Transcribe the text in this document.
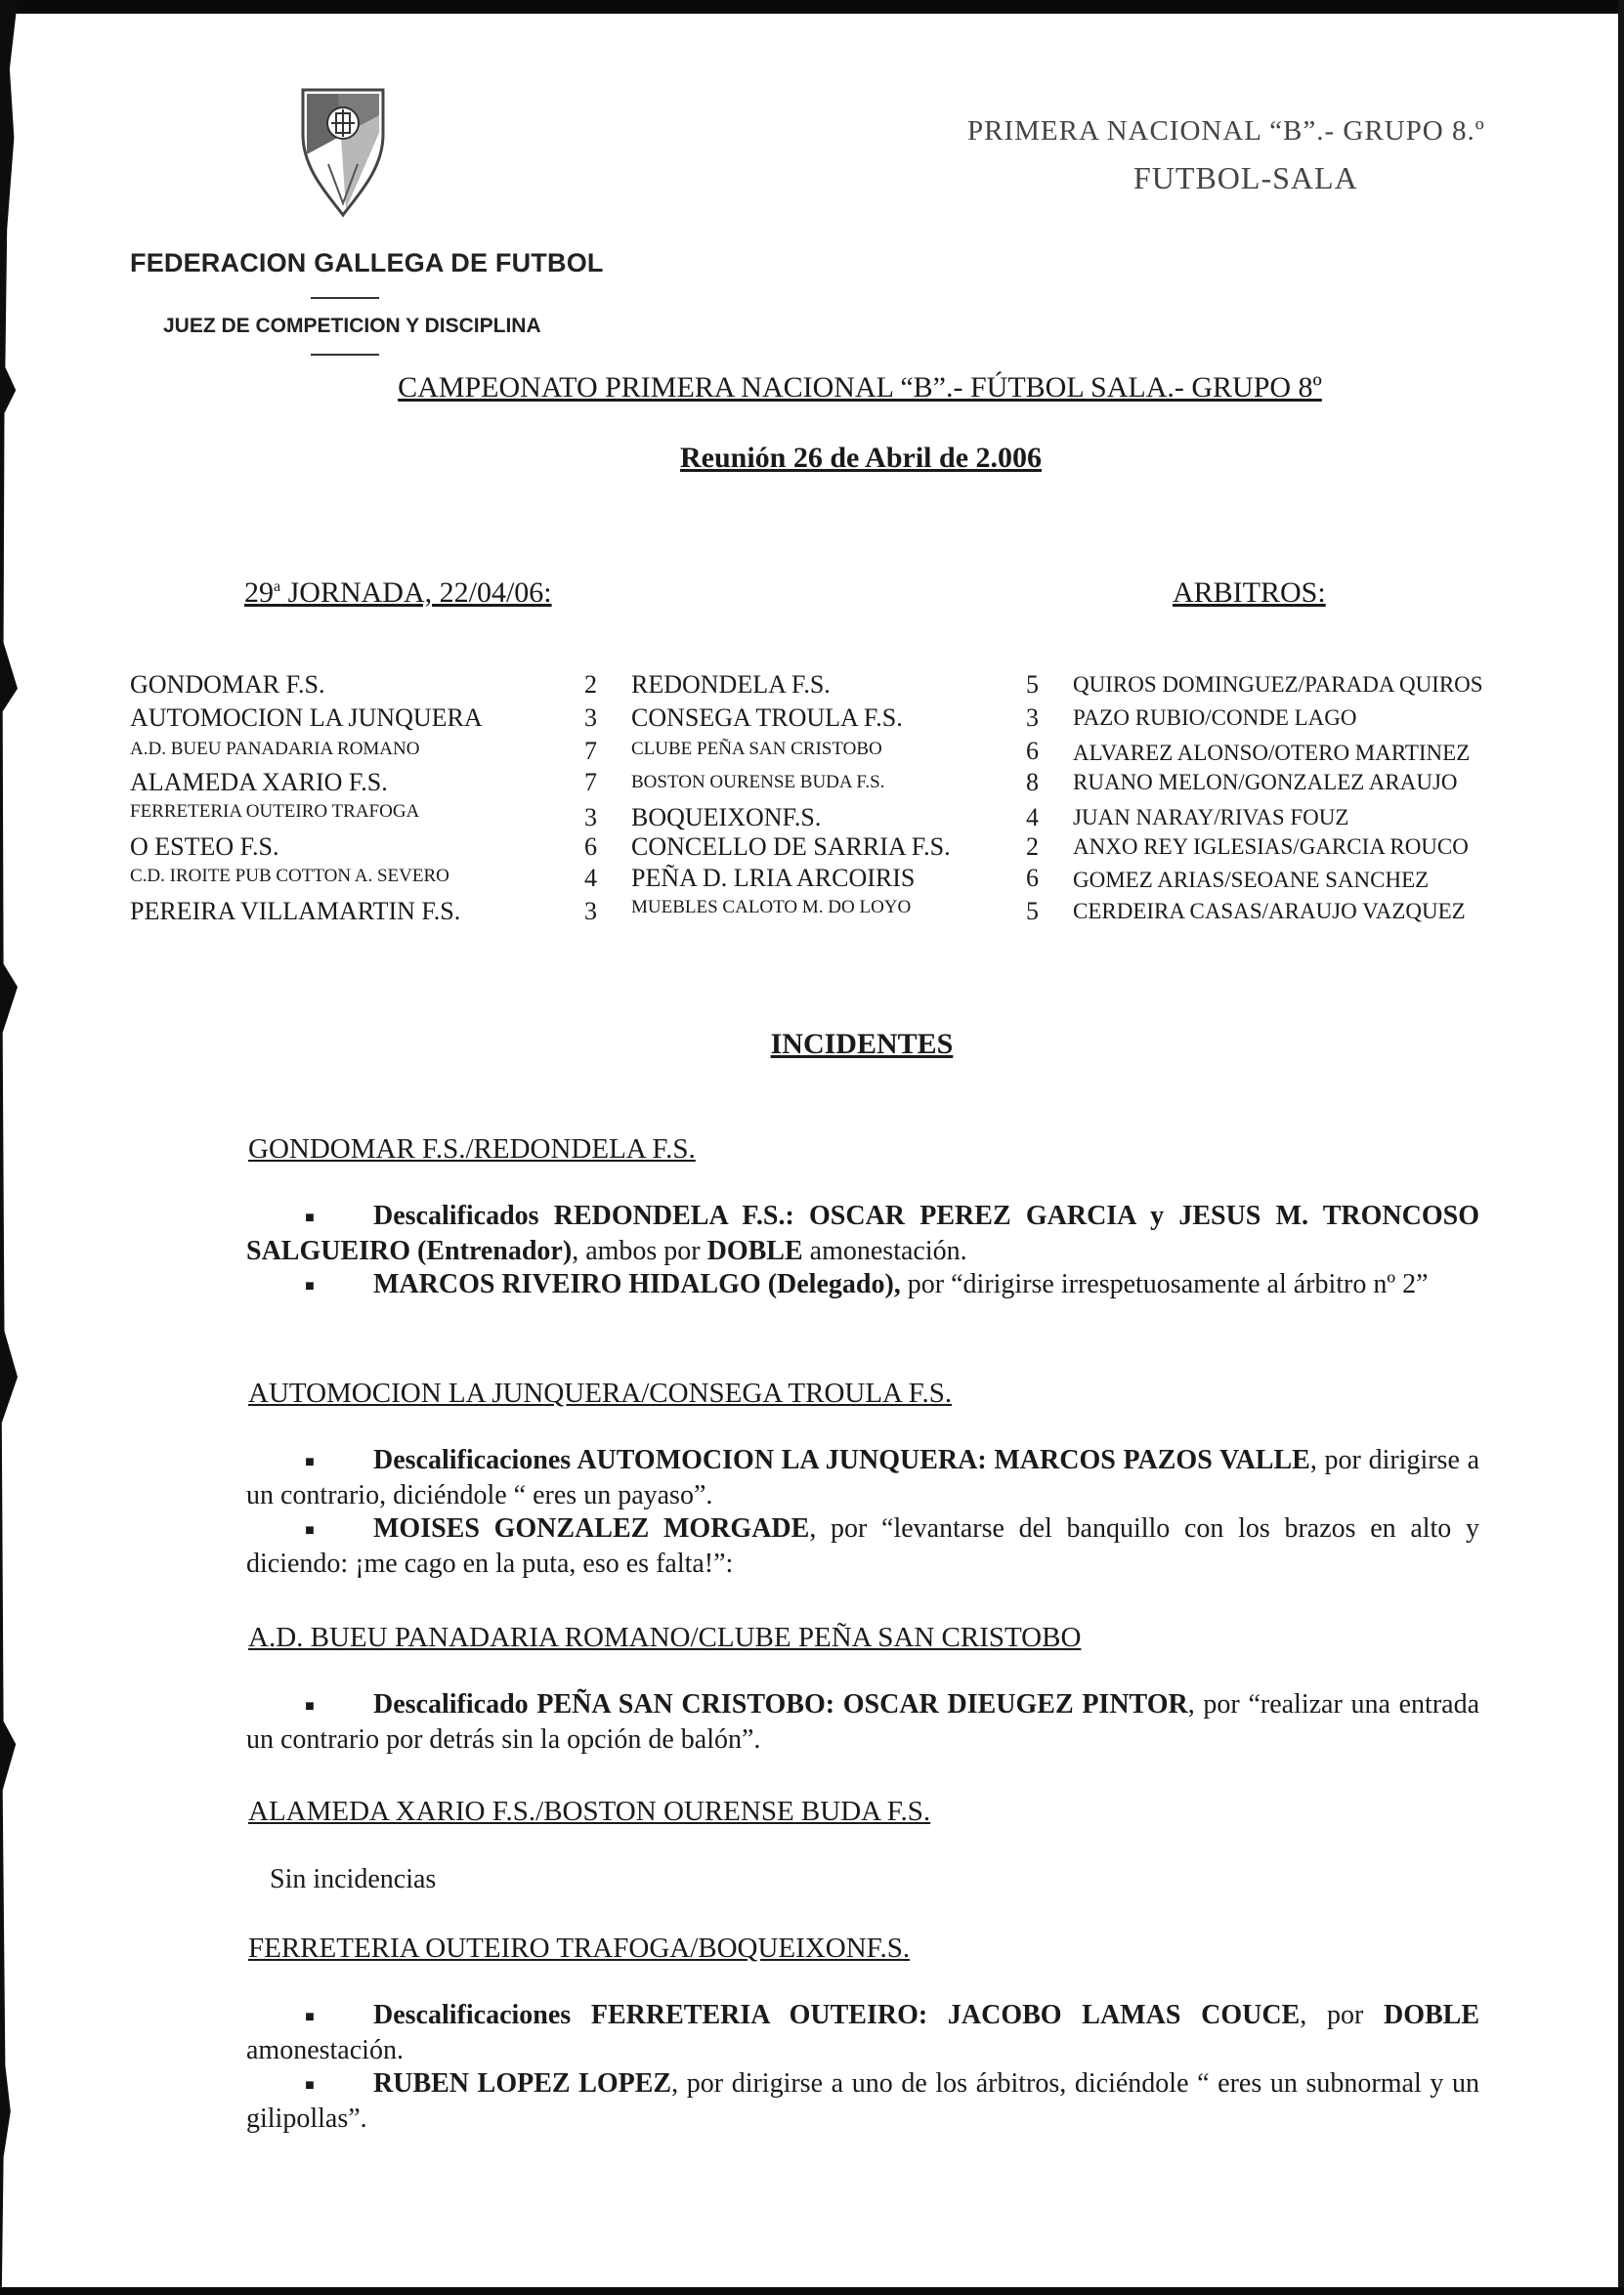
FEDERACION GALLEGA DE FUTBOL
JUEZ DE COMPETICION Y DISCIPLINA
PRIMERA NACIONAL “B”.- GRUPO 8.º
FUTBOL-SALA
CAMPEONATO PRIMERA NACIONAL “B”.- FÚTBOL SALA.- GRUPO 8º
Reunión 26 de Abril de 2.006
29$^a$ JORNADA, 22/04/06:	ARBITROS:
GONDOMAR F.S.	2 REDONDELA F.S.	5 QUIROS DOMINGUEZ/PARADA QUIROS
AUTOMOCION LA JUNQUERA	3 CONSEGA TROULA F.S.	3 PAZO RUBIO/CONDE LAGO
A.D. BUEU PANADARIA ROMANO	7 CLUBE PEÑA SAN CRISTOBO	6 ALVAREZ ALONSO/OTERO MARTINEZ
ALAMEDA XARIO F.S.	7 BOSTON OURENSE BUDA F.S.	8 RUANO MELON/GONZALEZ ARAUJO
FERRETERIA OUTEIRO TRAFOGA	3 BOQUEIXONF.S.	4 JUAN NARAY/RIVAS FOUZ
O ESTEO F.S.	6 CONCELLO DE SARRIA F.S.	2 ANXO REY IGLESIAS/GARCIA ROUCO
C.D. IROITE PUB COTTON A. SEVERO	4 PEÑA D. LRIA ARCOIRIS	6 GOMEZ ARIAS/SEOANE SANCHEZ
PEREIRA VILLAMARTIN F.S.	3 MUEBLES CALOTO M. DO LOYO	5 CERDEIRA CASAS/ARAUJO VAZQUEZ
INCIDENTES
GONDOMAR F.S./REDONDELA F.S.
■ Descalificados REDONDELA F.S.: OSCAR PEREZ GARCIA y JESUS M. TRONCOSO SALGUEIRO (Entrenador), ambos por DOBLE amonestación.
■ MARCOS RIVEIRO HIDALGO (Delegado), por “dirigirse irrespetuosamente al árbitro nº 2”
AUTOMOCION LA JUNQUERA/CONSEGA TROULA F.S.
■ Descalificaciones AUTOMOCION LA JUNQUERA: MARCOS PAZOS VALLE, por dirigirse a un contrario, diciéndole “ eres un payaso”.
■ MOISES GONZALEZ MORGADE, por “levantarse del banquillo con los brazos en alto y diciendo: ¡me cago en la puta, eso es falta!”:
A.D. BUEU PANADARIA ROMANO/CLUBE PEÑA SAN CRISTOBO
■ Descalificado PEÑA SAN CRISTOBO: OSCAR DIEUGEZ PINTOR, por “realizar una entrada un contrario por detrás sin la opción de balón”.
ALAMEDA XARIO F.S./BOSTON OURENSE BUDA F.S.
Sin incidencias
FERRETERIA OUTEIRO TRAFOGA/BOQUEIXONF.S.
■ Descalificaciones FERRETERIA OUTEIRO: JACOBO LAMAS COUCE, por DOBLE amonestación.
■ RUBEN LOPEZ LOPEZ, por dirigirse a uno de los árbitros, diciéndole “ eres un subnormal y un gilipollas”.
